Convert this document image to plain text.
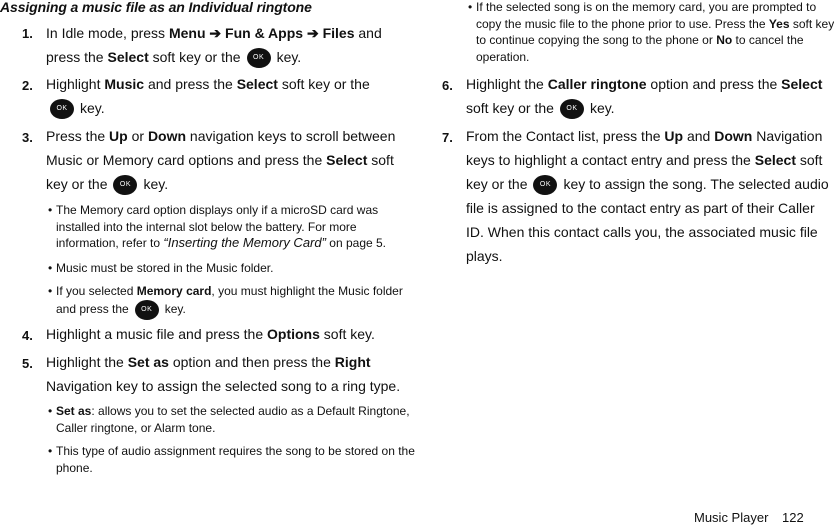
Assigning a music file as an Individual ringtone
1. In Idle mode, press Menu ➔ Fun & Apps ➔ Files and
press the Select soft key or the OK key.
2. Highlight Music and press the Select soft key or the
OK key.
3. Press the Up or Down navigation keys to scroll between
Music or Memory card options and press the Select soft
key or the OK key.
• The Memory card option displays only if a microSD card was
installed into the internal slot below the battery. For more
information, refer to “Inserting the Memory Card” on page 5.
• Music must be stored in the Music folder.
• If you selected Memory card, you must highlight the Music folder
and press the OK key.
4. Highlight a music file and press the Options soft key.
5. Highlight the Set as option and then press the Right
Navigation key to assign the selected song to a ring type.
• Set as: allows you to set the selected audio as a Default Ringtone,
Caller ringtone, or Alarm tone.
• This type of audio assignment requires the song to be stored on the
phone.
• If the selected song is on the memory card, you are prompted to
copy the music file to the phone prior to use. Press the Yes soft key
to continue copying the song to the phone or No to cancel the
operation.
6. Highlight the Caller ringtone option and press the Select
soft key or the OK key.
7. From the Contact list, press the Up and Down Navigation
keys to highlight a contact entry and press the Select soft
key or the OK key to assign the song. The selected audio
file is assigned to the contact entry as part of their Caller
ID. When this contact calls you, the associated music file
plays.
Music Player 122
